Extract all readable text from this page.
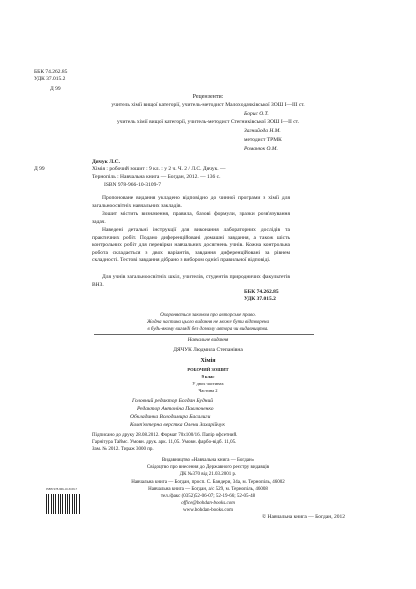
ББК 74.262.85
УДК 37.015.2
Д 99
Рецензенти:
учитель хімії вищої категорії, учитель-методист Малохoдачківської ЗОШ І—ІІІ ст.
Борис О.Т.
учитель хімії вищої категорії, учитель-методист Стегниківської ЗОШ І—ІІ ст.
Загнийода Н.М.
методист ТРМК
Романюк О.М.
Дячук Л.С.
Д 99	Хімія : робочий зошит : 9 кл. : у 2 ч. Ч. 2 / Л.С. Дячук. —
Тернопіль : Навчальна книга — Богдан, 2012. — 136 с.
ISBN 978-966-10-3109-7
Пропоноване видання укладено відповідно до чинної програми з хімії для загальноосвітніх навчальних закладів.
Зошит містить визначення, правила, базові формули, зразки розв'язування задач.
Наведені детальні інструкції для виконання лабораторних дослідів та практичних робіт. Подано диференційовані домашні завдання, а також шість контрольних робіт для перевірки навчальних досягнень учнів. Кожна контрольна робота складається з двох варіантів, завдання диференційовані за рівнем складності. Тестові завдання дібрано з вибором однієї правильної відповіді.
Для учнів загальноосвітніх шкіл, учителів, студентів природничих факультетів ВНЗ.
ББК 74.262.85
УДК 37.015.2
Охороняється законом про авторське право.
Жодна частина цього видання не може бути відтворена
в будь-якому вигляді без дозволу автора чи видавництва.
Навчальне видання
ДЯЧУК Людмила Степанівна
Хімія
РОБОЧИЙ ЗОШИТ
9 клас
У двох частинах
Частина 2
Головний редактор Богдан Будний
Редактор Антоніна Павлюченко
Обкладинка Володимира Басалиги
Комп'ютерна верстка Олени Захарійчук
Підписано до друку 28.08.2012. Формат 70х100/16. Папір офсетний.
Гарнітура Таймс. Умовн. друк. арк. 11,05. Умовн. фарбо-відб. 11,05.
Зам. № 2012. Тираж 3000 пр.
Видавництво «Навчальна книга — Богдан»
Свідоцтво про внесення до Державного реєстру видавців
ДК №370 від 21.03.2001 р.
Навчальна книга — Богдан, просп. С. Бандери, 34а, м. Тернопіль, 46002
Навчальна книга — Богдан, а/с 529, м. Тернопіль, 46008
тел./факс (0352)52-06-07; 52-19-66; 52-05-48
office@bohdan-books.com
www.bohdan-books.com
ISBN 978-966-10-3109-7
© Навчальна книга — Богдан, 2012
